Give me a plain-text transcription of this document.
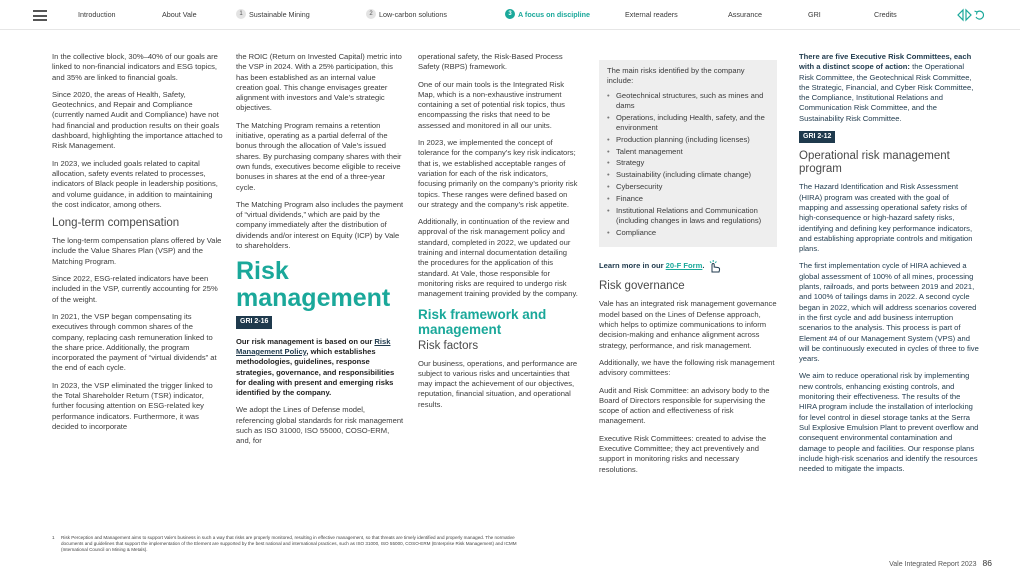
Introduction	About Vale	1 Sustainable Mining	2 Low-carbon solutions	3 A focus on discipline	External readers	Assurance	GRI	Credits

In the collective block, 30%–40% of our goals are linked to non-financial indicators and ESG topics, and 35% are linked to financial goals.

Since 2020, the areas of Health, Safety, Geotechnics, and Repair and Compliance (currently named Audit and Compliance) have not had financial and production results on their goals dashboard, highlighting the importance attached to Risk Management.

In 2023, we included goals related to capital allocation, safety events related to processes, indicators of Black people in leadership positions, and volume guidance, in addition to maintaining the cost indicator, among others.

Long-term compensation

The long-term compensation plans offered by Vale include the Value Shares Plan (VSP) and the Matching Program.

Since 2022, ESG-related indicators have been included in the VSP, currently accounting for 25% of the weight.

In 2021, the VSP began compensating its executives through common shares of the company, replacing cash remuneration linked to the share price. Additionally, the program incorporated the payment of “virtual dividends” at the end of each cycle.

In 2023, the VSP eliminated the trigger linked to the Total Shareholder Return (TSR) indicator, further focusing attention on ESG-related key performance indicators. Furthermore, it was decided to incorporate

the ROIC (Return on Invested Capital) metric into the VSP in 2024. With a 25% participation, this has been established as an internal value creation goal. This change envisages greater alignment with investors and Vale’s strategic objectives.

The Matching Program remains a retention initiative, operating as a partial deferral of the bonus through the allocation of Vale’s issued shares. By purchasing company shares with their own funds, executives become eligible to receive bonuses in shares at the end of a three-year cycle.

The Matching Program also includes the payment of “virtual dividends,” which are paid by the company immediately after the distribution of dividends and/or interest on Equity (ICP) by Vale to shareholders.

Risk management
GRI 2-16

Our risk management is based on our Risk Management Policy, which establishes methodologies, guidelines, response strategies, governance, and responsibilities for dealing with present and emerging risks identified by the company.

We adopt the Lines of Defense model, referencing global standards for risk management such as ISO 31000, ISO 55000, COSO-ERM, and, for

operational safety, the Risk-Based Process Safety (RBPS) framework.

One of our main tools is the Integrated Risk Map, which is a non-exhaustive instrument containing a set of potential risk topics, thus encompassing the risks that need to be assessed and monitored in all our units.

In 2023, we implemented the concept of tolerance for the company’s key risk indicators; that is, we established acceptable ranges of variation for each of the risk indicators, focusing primarily on the company’s priority risk topics. These ranges were defined based on our strategy and the company’s risk appetite.

Additionally, in continuation of the review and approval of the risk management policy and standard, completed in 2022, we updated our training and internal documentation detailing the procedures for the application of this standard. At Vale, those responsible for monitoring risks are required to undergo risk management training provided by the company.

Risk framework and management
Risk factors

Our business, operations, and performance are subject to various risks and uncertainties that may impact the achievement of our objectives, reputation, financial situation, and operational results.

The main risks identified by the company include:
• Geotechnical structures, such as mines and dams
• Operations, including Health, safety, and the environment
• Production planning (including licenses)
• Talent management
• Strategy
• Sustainability (including climate change)
• Cybersecurity
• Finance
• Institutional Relations and Communication (including changes in laws and regulations)
• Compliance

Learn more in our 20-F Form.

Risk governance

Vale has an integrated risk management governance model based on the Lines of Defense approach, which helps to optimize communications to inform decision-making and enhance alignment across strategy, performance, and risk management.

Additionally, we have the following risk management advisory committees:

Audit and Risk Committee: an advisory body to the Board of Directors responsible for supervising the scope of action and effectiveness of risk management.

Executive Risk Committees: created to advise the Executive Committee; they act preventively and support in monitoring risks and necessary resolutions.

There are five Executive Risk Committees, each with a distinct scope of action: the Operational Risk Committee, the Geotechnical Risk Committee, the Strategic, Financial, and Cyber Risk Committee, the Compliance, Institutional Relations and Communication Risk Committee, and the Sustainability Risk Committee.

GRI 2-12
Operational risk management program

The Hazard Identification and Risk Assessment (HIRA) program was created with the goal of mapping and assessing operational safety risks of high-consequence or high-hazard safety risks, identifying and defining key performance indicators, and establishing appropriate controls and mitigation plans.

The first implementation cycle of HIRA achieved a global assessment of 100% of all mines, processing plants, railroads, and ports between 2019 and 2021, and 100% of tailings dams in 2022. A second cycle began in 2022, which will address scenarios covered in the first cycle and add business interruption scenarios to the analysis. This process is part of Element #4 of our Management System (VPS) and will be continuously executed in cycles of three to five years.

We aim to reduce operational risk by implementing new controls, enhancing existing controls, and monitoring their effectiveness. The results of the HIRA program include the installation of interlocking for level control in diesel storage tanks at the Serra Sul Explosive Emulsion Plant to prevent overflow and consequent environmental contamination and damage to people and facilities. Our response plans include high-risk scenarios and identify the resources needed to mitigate the impacts.

1 Risk Perception and Management aims to support Vale’s business in such a way that risks are properly monitored, resulting in effective management, so that threats are timely identified and properly managed. The normative documents and guidelines that support the implementation of the Element are supported by the best national and international practices, such as ISO 31000, ISO 55000, COSO-ERM (Enterprise Risk Management) and ICMM (International Council on Mining & Metals).
Vale Integrated Report 2023 86
